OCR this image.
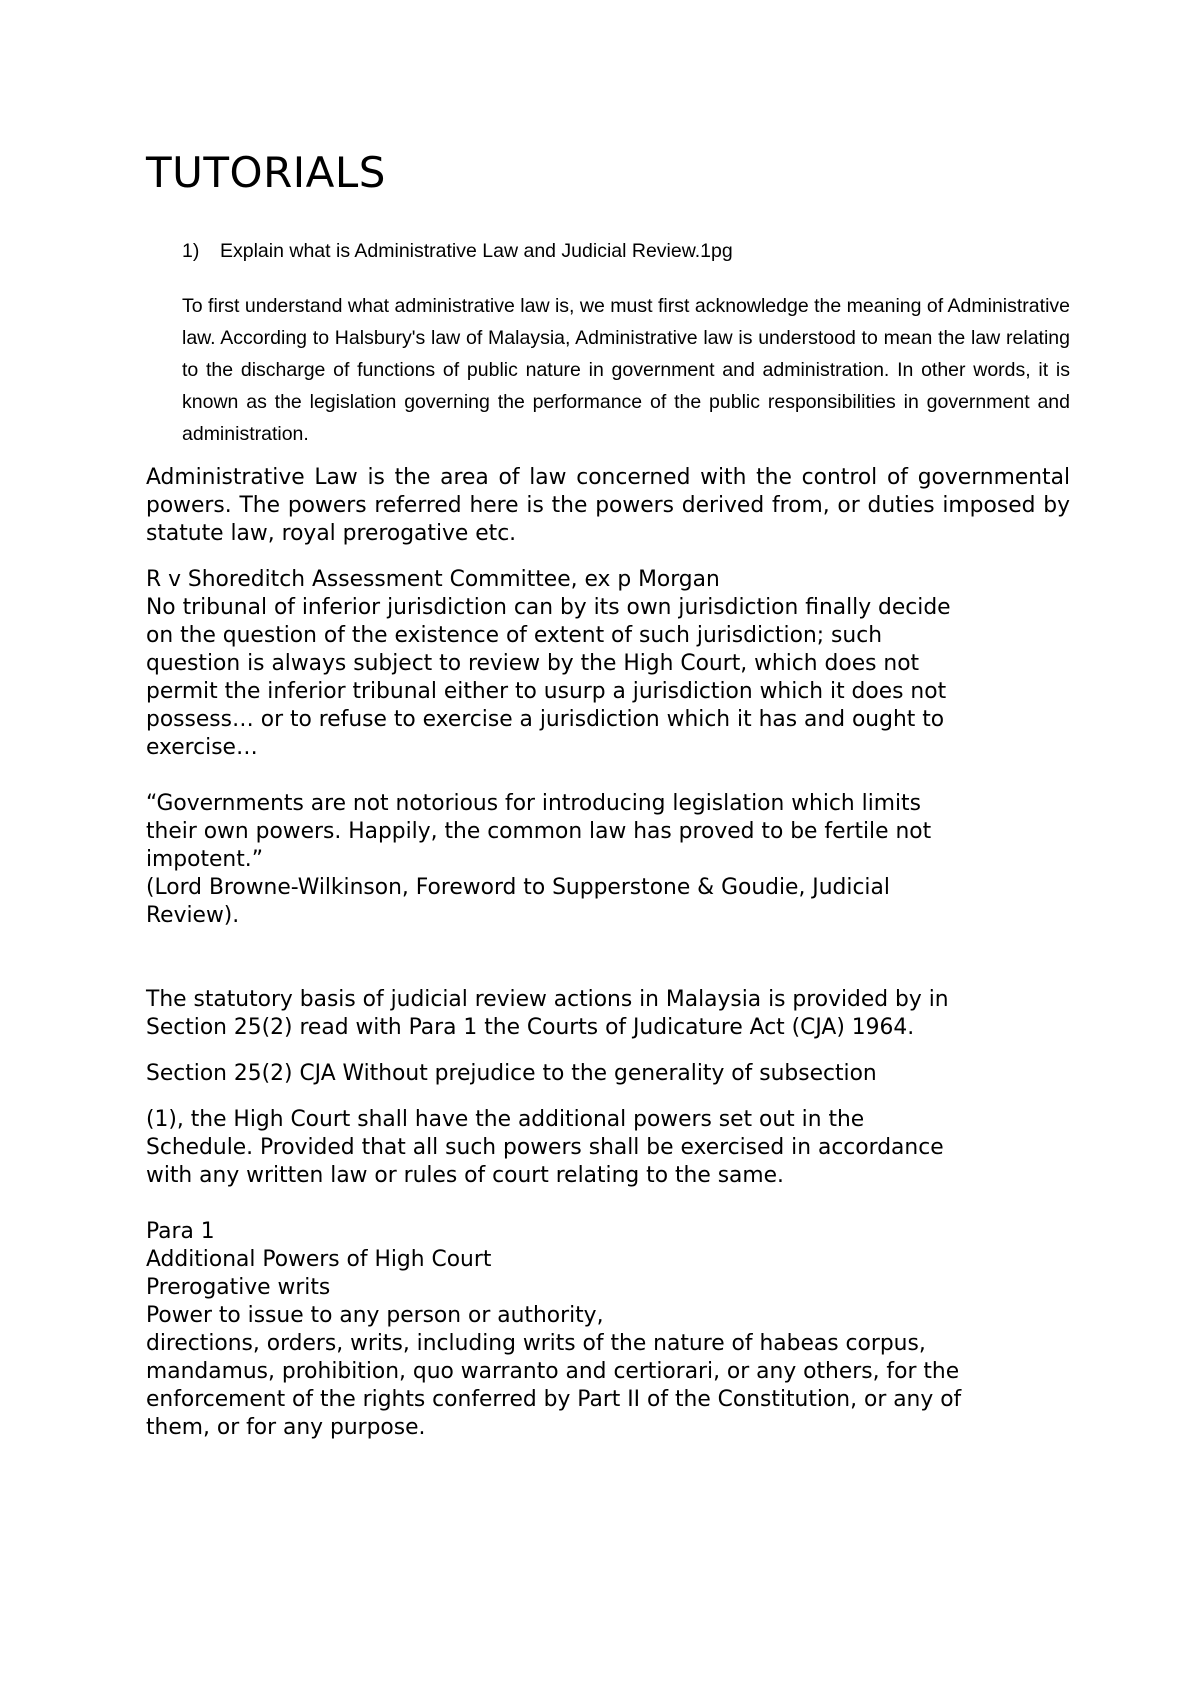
TUTORIALS
1) Explain what is Administrative Law and Judicial Review.1pg

To first understand what administrative law is, we must first acknowledge the meaning of Administrative law. According to Halsbury's law of Malaysia, Administrative law is understood to mean the law relating to the discharge of functions of public nature in government and administration. In other words, it is known as the legislation governing the performance of the public responsibilities in government and administration.

Administrative Law is the area of law concerned with the control of governmental powers. The powers referred here is the powers derived from, or duties imposed by statute law, royal prerogative etc.

R v Shoreditch Assessment Committee, ex p Morgan
No tribunal of inferior jurisdiction can by its own jurisdiction finally decide
on the question of the existence of extent of such jurisdiction; such
question is always subject to review by the High Court, which does not
permit the inferior tribunal either to usurp a jurisdiction which it does not
possess… or to refuse to exercise a jurisdiction which it has and ought to
exercise…
“Governments are not notorious for introducing legislation which limits
their own powers. Happily, the common law has proved to be fertile not
impotent.”
(Lord Browne-Wilkinson, Foreword to Supperstone & Goudie, Judicial
Review).
The statutory basis of judicial review actions in Malaysia is provided by in
Section 25(2) read with Para 1 the Courts of Judicature Act (CJA) 1964.
Section 25(2) CJA Without prejudice to the generality of subsection
(1), the High Court shall have the additional powers set out in the
Schedule. Provided that all such powers shall be exercised in accordance
with any written law or rules of court relating to the same.
Para 1
Additional Powers of High Court
Prerogative writs
Power to issue to any person or authority,
directions, orders, writs, including writs of the nature of habeas corpus,
mandamus, prohibition, quo warranto and certiorari, or any others, for the
enforcement of the rights conferred by Part II of the Constitution, or any of
them, or for any purpose.
